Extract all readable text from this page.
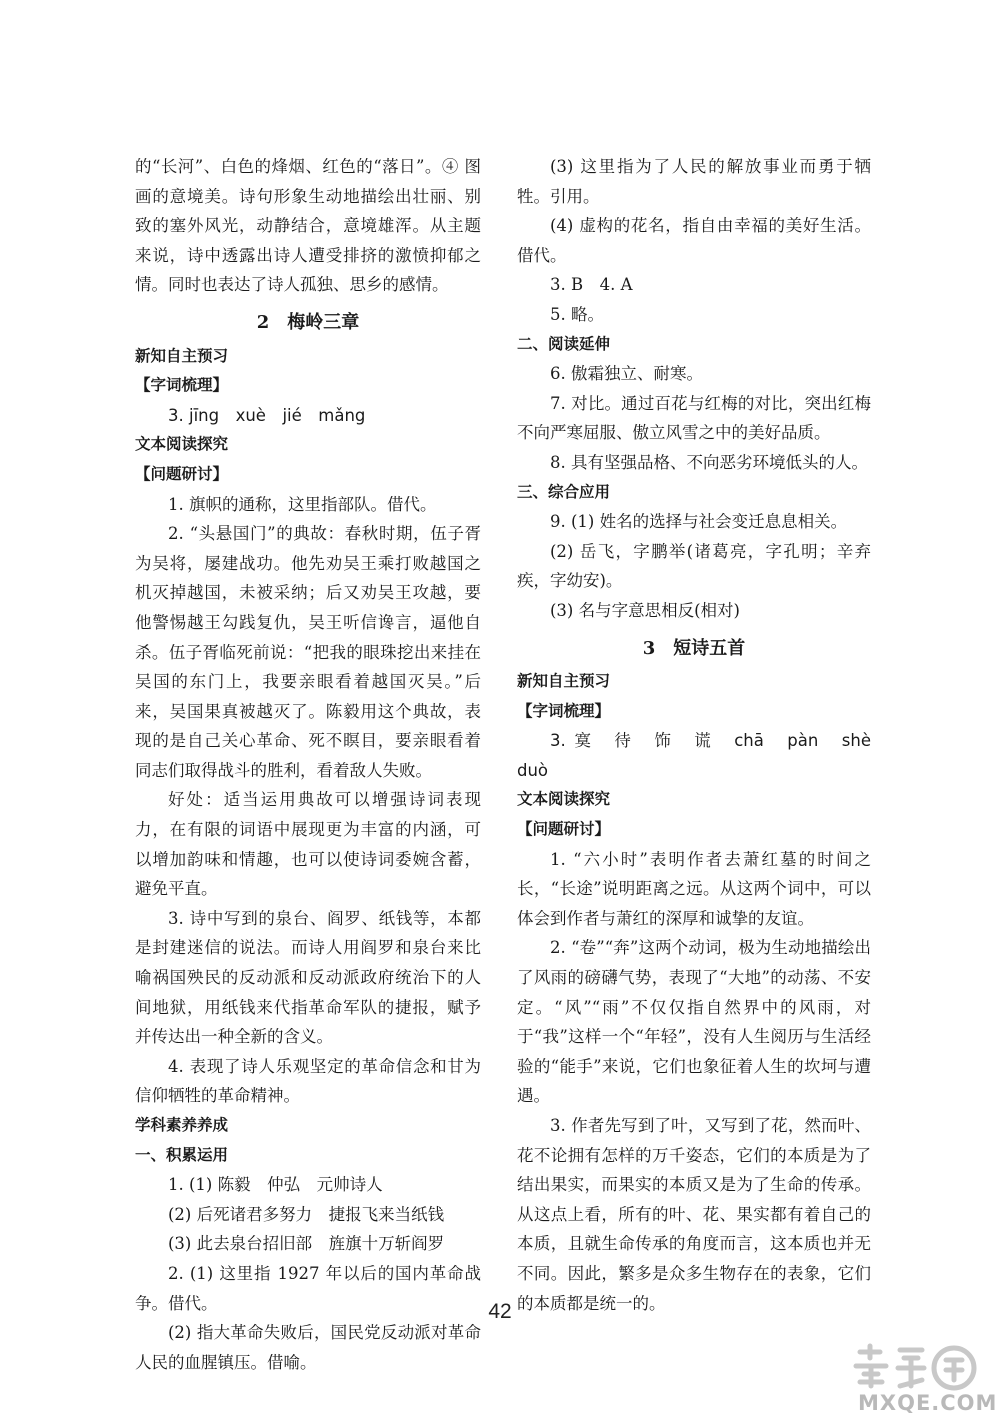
的“长河”、白色的烽烟、红色的“落日”。④ 图画的意境美。诗句形象生动地描绘出壮丽、别致的塞外风光，动静结合，意境雄浑。从主题来说，诗中透露出诗人遭受排挤的激愤抑郁之情。同时也表达了诗人孤独、思乡的感情。

2　梅岭三章
新知自主预习
【字词梳理】

3. jīng　xuè　jié　mǎng

文本阅读探究
【问题研讨】

1. 旗帜的通称，这里指部队。借代。

2. “头悬国门”的典故：春秋时期，伍子胥为吴将，屡建战功。他先劝吴王乘打败越国之机灭掉越国，未被采纳；后又劝吴王攻越，要他警惕越王勾践复仇，吴王听信谗言，逼他自杀。伍子胥临死前说：“把我的眼珠挖出来挂在吴国的东门上，我要亲眼看着越国灭吴。”后来，吴国果真被越灭了。陈毅用这个典故，表现的是自己关心革命、死不瞑目，要亲眼看着同志们取得战斗的胜利，看着敌人失败。

好处：适当运用典故可以增强诗词表现力，在有限的词语中展现更为丰富的内涵，可以增加韵味和情趣，也可以使诗词委婉含蓄，避免平直。

3. 诗中写到的泉台、阎罗、纸钱等，本都是封建迷信的说法。而诗人用阎罗和泉台来比喻祸国殃民的反动派和反动派政府统治下的人间地狱，用纸钱来代指革命军队的捷报，赋予并传达出一种全新的含义。

4. 表现了诗人乐观坚定的革命信念和甘为信仰牺牲的革命精神。

学科素养养成
一、积累运用

1. (1) 陈毅　仲弘　元帅诗人

(2) 后死诸君多努力　捷报飞来当纸钱

(3) 此去泉台招旧部　旌旗十万斩阎罗

2. (1) 这里指 1927 年以后的国内革命战争。借代。

(2) 指大革命失败后，国民党反动派对革命人民的血腥镇压。借喻。

(3) 这里指为了人民的解放事业而勇于牺牲。引用。

(4) 虚构的花名，指自由幸福的美好生活。借代。

3. B　4. A

5. 略。

二、阅读延伸

6. 傲霜独立、耐寒。

7. 对比。通过百花与红梅的对比，突出红梅不向严寒屈服、傲立风雪之中的美好品质。

8. 具有坚强品格、不向恶劣环境低头的人。

三、综合应用

9. (1) 姓名的选择与社会变迁息息相关。

(2) 岳飞，字鹏举(诸葛亮，字孔明；辛弃疾，字幼安)。

(3) 名与字意思相反(相对)

3　短诗五首
新知自主预习
【字词梳理】

3. 寞　待　饰　谎　chā　pàn　shè　duò

文本阅读探究
【问题研讨】

1. “六小时”表明作者去萧红墓的时间之长，“长途”说明距离之远。从这两个词中，可以体会到作者与萧红的深厚和诚挚的友谊。

2. “卷”“奔”这两个动词，极为生动地描绘出了风雨的磅礴气势，表现了“大地”的动荡、不安定。“风”“雨”不仅仅指自然界中的风雨，对于“我”这样一个“年轻”，没有人生阅历与生活经验的“能手”来说，它们也象征着人生的坎坷与遭遇。

3. 作者先写到了叶，又写到了花，然而叶、花不论拥有怎样的万千姿态，它们的本质是为了结出果实，而果实的本质又是为了生命的传承。从这点上看，所有的叶、花、果实都有着自己的本质，且就生命传承的角度而言，这本质也并无不同。因此，繁多是众多生物存在的表象，它们的本质都是统一的。

42
MXQE.COM
